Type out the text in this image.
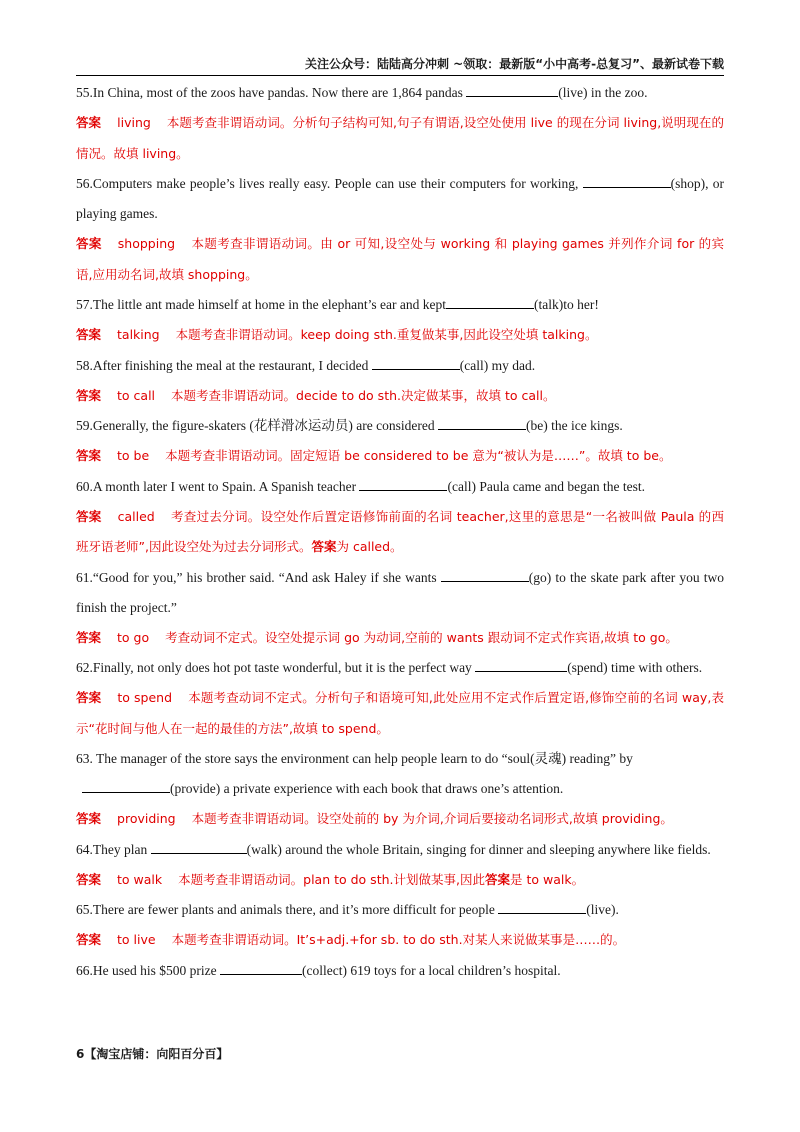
关注公众号：陆陆高分冲刺 ~领取：最新版“小中高考-总复习”、最新试卷下载

55.In China, most of the zoos have pandas. Now there are 1,864 pandas	(live) in the zoo.

答案 living 本题考查非谓语动词。分析句子结构可知,句子有谓语,设空处使用 live 的现在分词 living,说明现在的情况。故填 living。

56.Computers make people’s lives really easy. People can use their computers for working,	(shop), or playing games.

答案 shopping 本题考查非谓语动词。由 or 可知,设空处与 working 和 playing games 并列作介词 for 的宾语,应用动名词,故填 shopping。

57.The little ant made himself at home in the elephant’s ear and kept	(talk)to her!

答案 talking 本题考查非谓语动词。keep doing sth.重复做某事,因此设空处填 talking。

58.After finishing the meal at the restaurant, I decided	(call) my dad.

答案 to call 本题考查非谓语动词。decide to do sth.决定做某事，故填 to call。

59.Generally, the figure-skaters (花样滑冰运动员) are considered	(be) the ice kings.

答案 to be 本题考查非谓语动词。固定短语 be considered to be 意为“被认为是……”。故填 to be。

60.A month later I went to Spain. A Spanish teacher	(call) Paula came and began the test.

答案 called 考查过去分词。设空处作后置定语修饰前面的名词 teacher,这里的意思是“一名被叫做 Paula 的西班牙语老师”,因此设空处为过去分词形式。答案为 called。

61.“Good for you,” his brother said. “And ask Haley if she wants	(go) to the skate park after you two finish the project.”

答案 to go 考查动词不定式。设空处提示词 go 为动词,空前的 wants 跟动词不定式作宾语,故填 to go。

62.Finally, not only does hot pot taste wonderful, but it is the perfect way	(spend) time with others.

答案 to spend 本题考查动词不定式。分析句子和语境可知,此处应用不定式作后置定语,修饰空前的名词 way,表示“花时间与他人在一起的最佳的方法”,故填 to spend。

63. The manager of the store says the environment can help people learn to do “soul(灵魂) reading” by
(provide) a private experience with each book that draws one’s attention.

答案 providing 本题考查非谓语动词。设空处前的 by 为介词,介词后要接动名词形式,故填 providing。

64.They plan	(walk) around the whole Britain, singing for dinner and sleeping anywhere like fields.

答案 to walk 本题考查非谓语动词。plan to do sth.计划做某事,因此答案是 to walk。

65.There are fewer plants and animals there, and it’s more difficult for people	(live).

答案 to live 本题考查非谓语动词。It’s+adj.+for sb. to do sth.对某人来说做某事是……的。

66.He used his $500 prize	(collect) 619 toys for a local children’s hospital.

6【淘宝店铺：向阳百分百】
